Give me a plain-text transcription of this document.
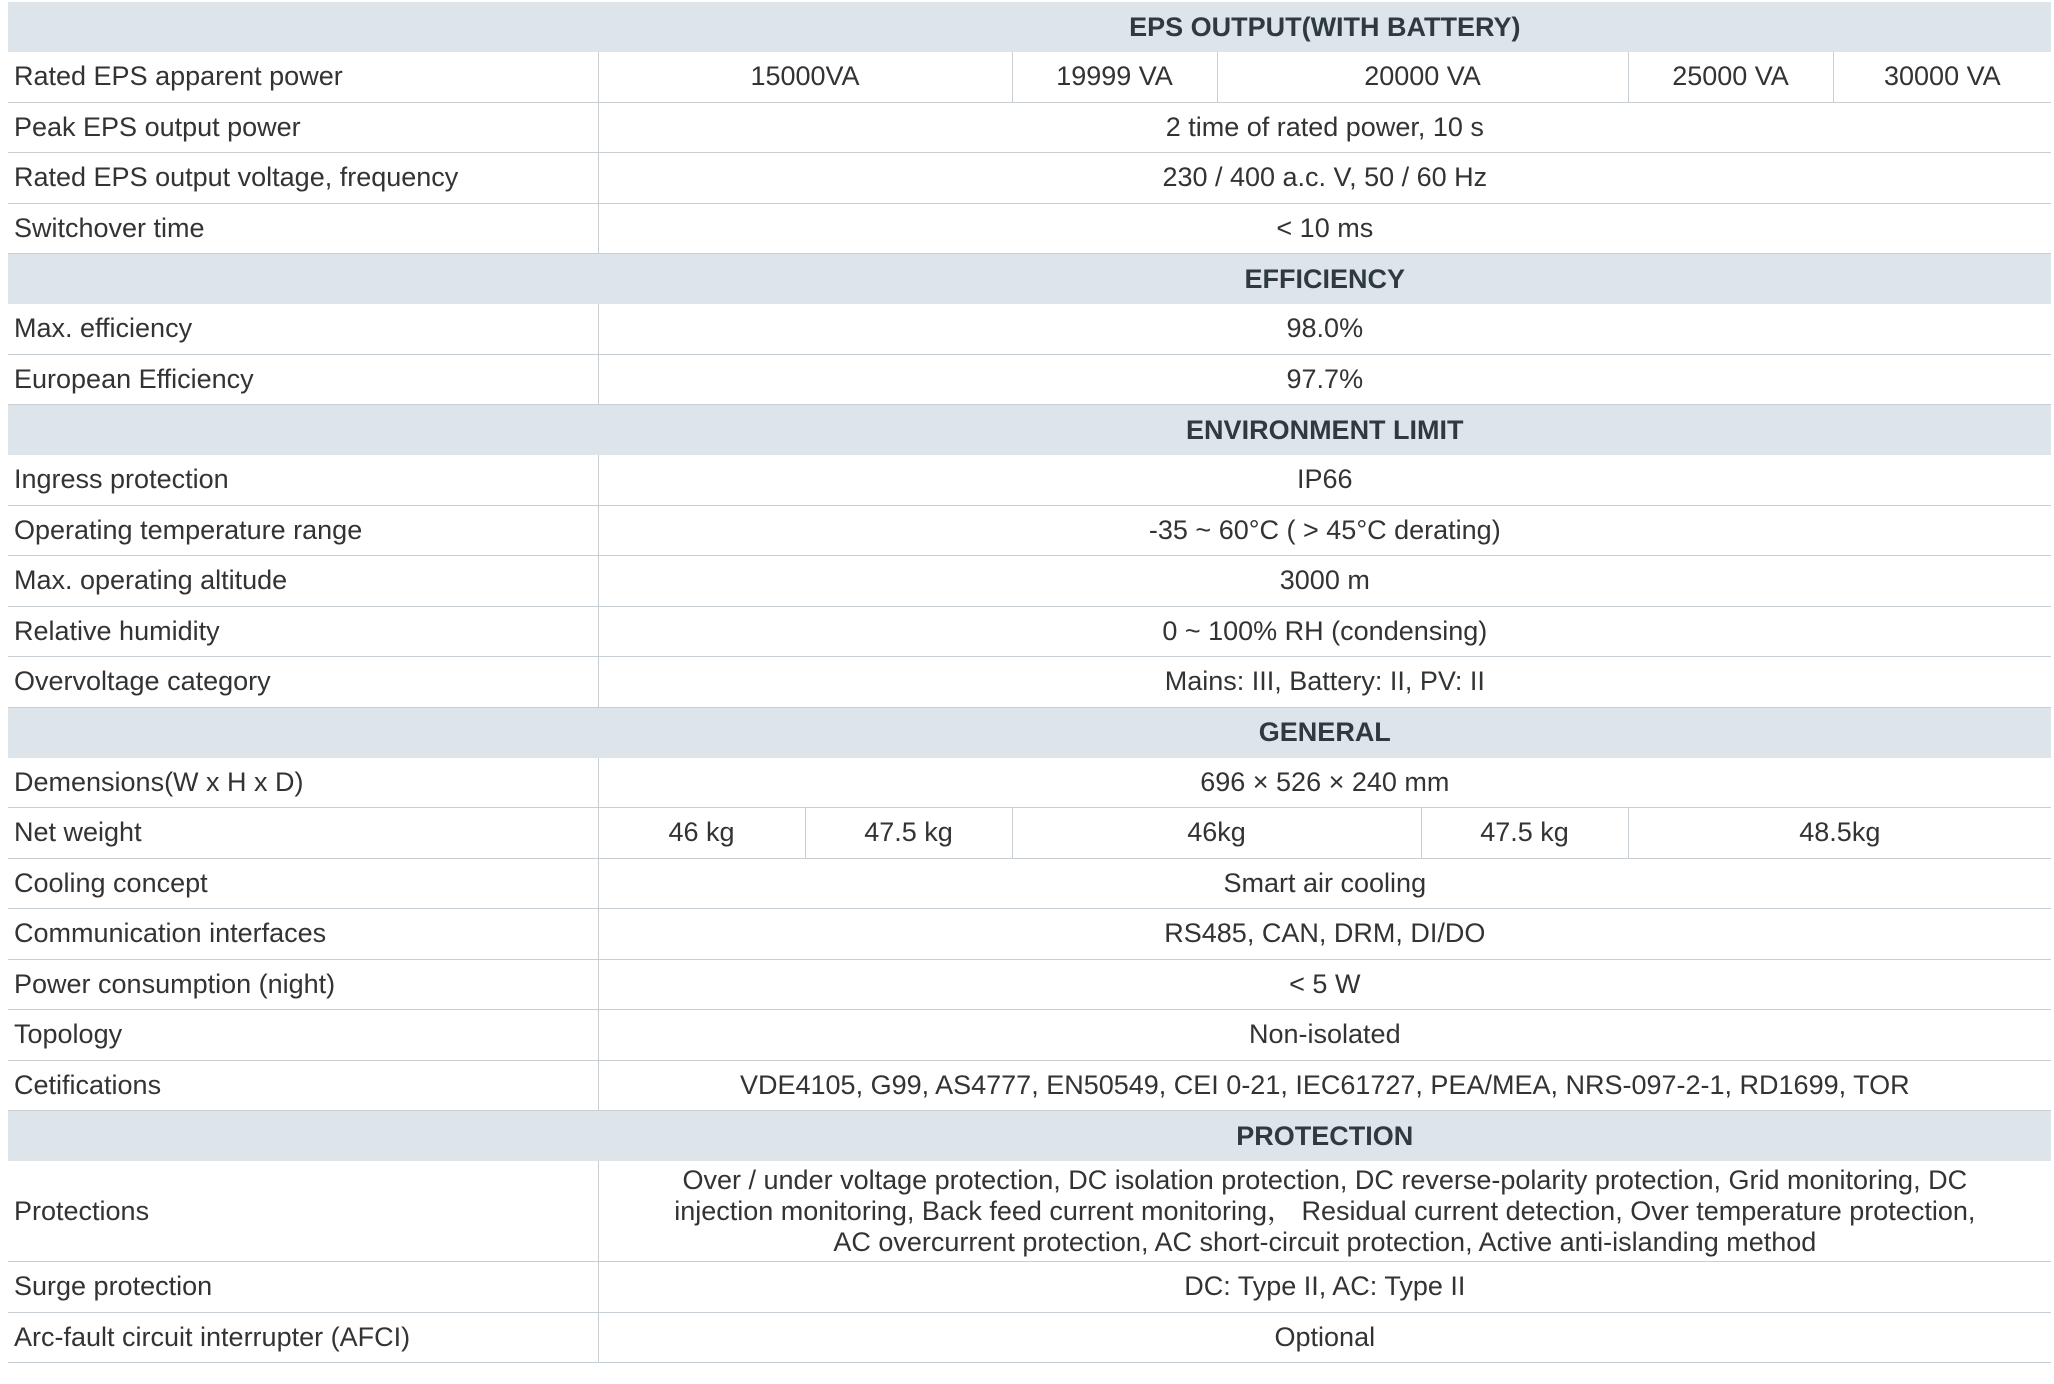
	EPS OUTPUT(WITH BATTERY)						
Rated EPS apparent power	15000VA		19999 VA	20000 VA		25000 VA	30000 VA
Peak EPS output power	2 time of rated power, 10 s						
Rated EPS output voltage, frequency	230 / 400 a.c. V, 50 / 60 Hz						
Switchover time	< 10 ms						
	EFFICIENCY						
Max. efficiency	98.0%						
European Efficiency	97.7%						
	ENVIRONMENT LIMIT						
Ingress protection	IP66						
Operating temperature range	-35 ~ 60°C ( > 45°C derating)						
Max. operating altitude	3000 m						
Relative humidity	0 ~ 100% RH (condensing)						
Overvoltage category	Mains: III, Battery: II, PV: II						
	GENERAL						
Demensions(W x H x D)	696 × 526 × 240 mm						
Net weight	46 kg	47.5 kg	46kg		47.5 kg	48.5kg	
Cooling concept	Smart air cooling						
Communication interfaces	RS485, CAN, DRM, DI/DO						
Power consumption (night)	< 5 W						
Topology	Non-isolated						
Cetifications	VDE4105, G99, AS4777, EN50549, CEI 0-21, IEC61727, PEA/MEA, NRS-097-2-1, RD1699, TOR						
	PROTECTION						
Protections	Over / under voltage protection, DC isolation protection, DC reverse-polarity protection, Grid monitoring, DC injection monitoring, Back feed current monitoring， Residual current detection, Over temperature protection, AC overcurrent protection, AC short-circuit protection, Active anti-islanding method						
Surge protection	DC: Type II, AC: Type II						
Arc-fault circuit interrupter (AFCI)	Optional						
